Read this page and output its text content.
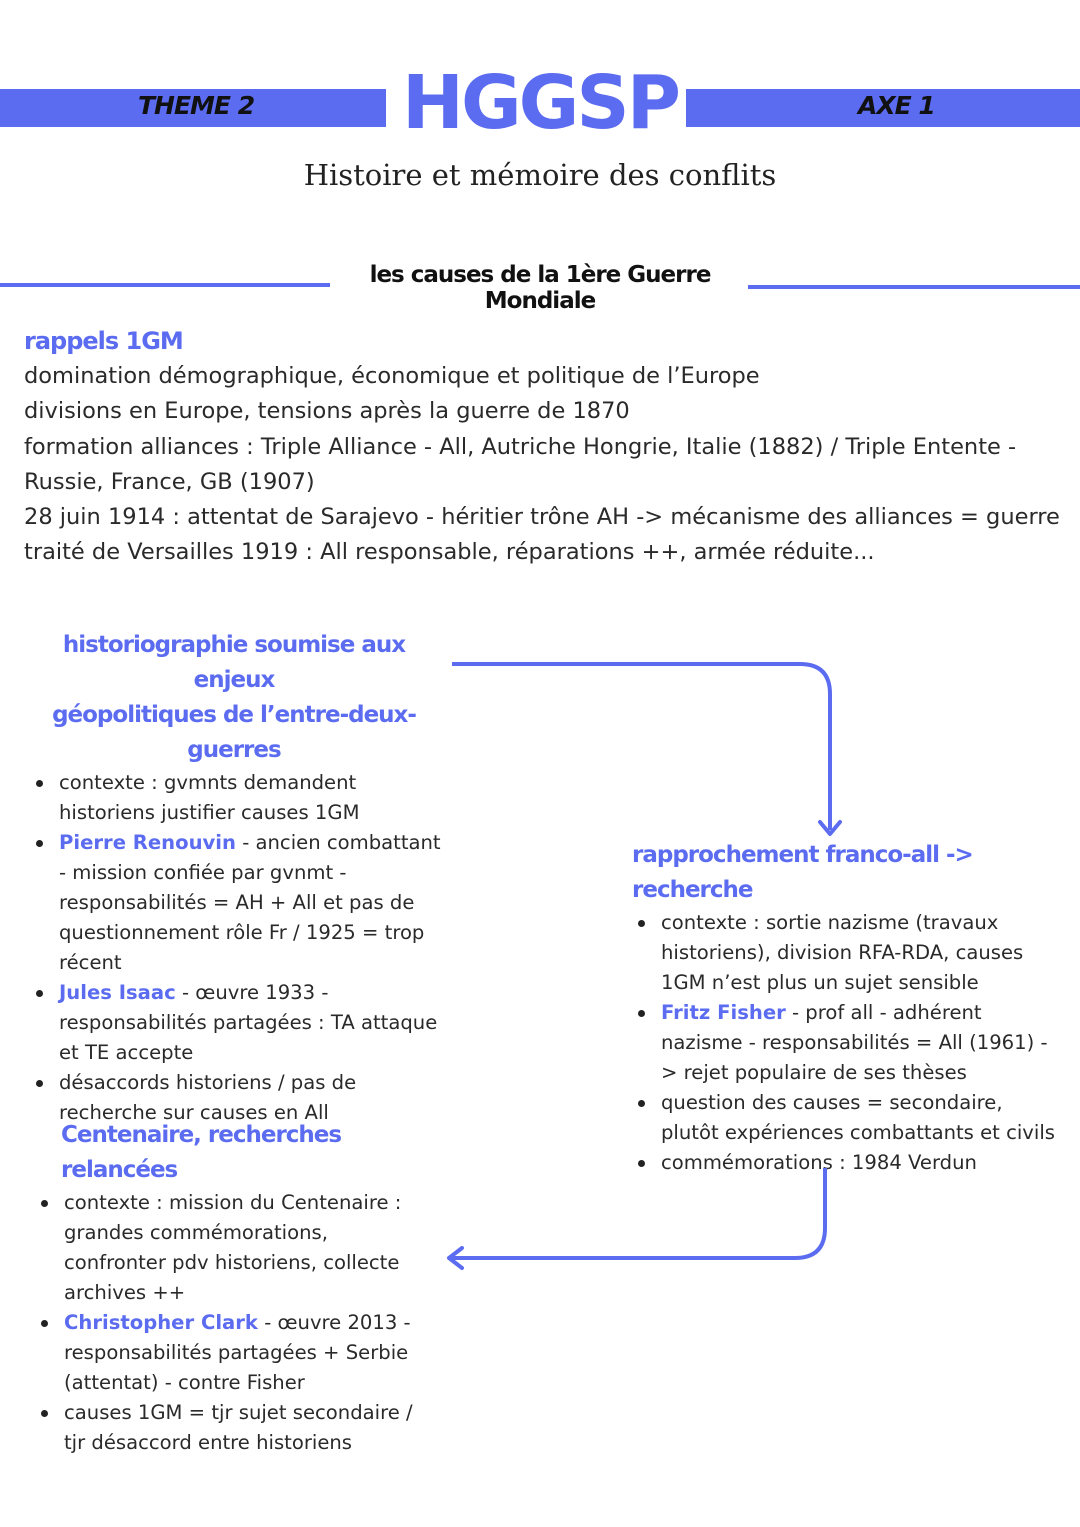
THEME 2	AXE 1
HGGSP
Histoire et mémoire des conflits
les causes de la 1ère Guerre Mondiale
rappels 1GM
domination démographique, économique et politique de l’Europe
divisions en Europe, tensions après la guerre de 1870
formation alliances : Triple Alliance - All, Autriche Hongrie, Italie (1882) / Triple Entente -
Russie, France, GB (1907)
28 juin 1914 : attentat de Sarajevo - héritier trône AH -> mécanisme des alliances = guerre
traité de Versailles 1919 : All responsable, réparations ++, armée réduite...
historiographie soumise aux enjeux
géopolitiques de l’entre-deux-guerres
contexte : gvmnts demandent historiens justifier causes 1GM
Pierre Renouvin - ancien combattant - mission confiée par gvnmt - responsabilités = AH + All et pas de questionnement rôle Fr / 1925 = trop récent
Jules Isaac - œuvre 1933 - responsabilités partagées : TA attaque et TE accepte
désaccords historiens / pas de recherche sur causes en All
rapprochement franco-all -> recherche
contexte : sortie nazisme (travaux historiens), division RFA-RDA, causes 1GM n’est plus un sujet sensible
Fritz Fisher - prof all - adhérent nazisme - responsabilités = All (1961) -> rejet populaire de ses thèses
question des causes = secondaire, plutôt expériences combattants et civils
commémorations : 1984 Verdun
Centenaire, recherches relancées
contexte : mission du Centenaire : grandes commémorations, confronter pdv historiens, collecte archives ++
Christopher Clark - œuvre 2013 - responsabilités partagées + Serbie (attentat) - contre Fisher
causes 1GM = tjr sujet secondaire / tjr désaccord entre historiens
